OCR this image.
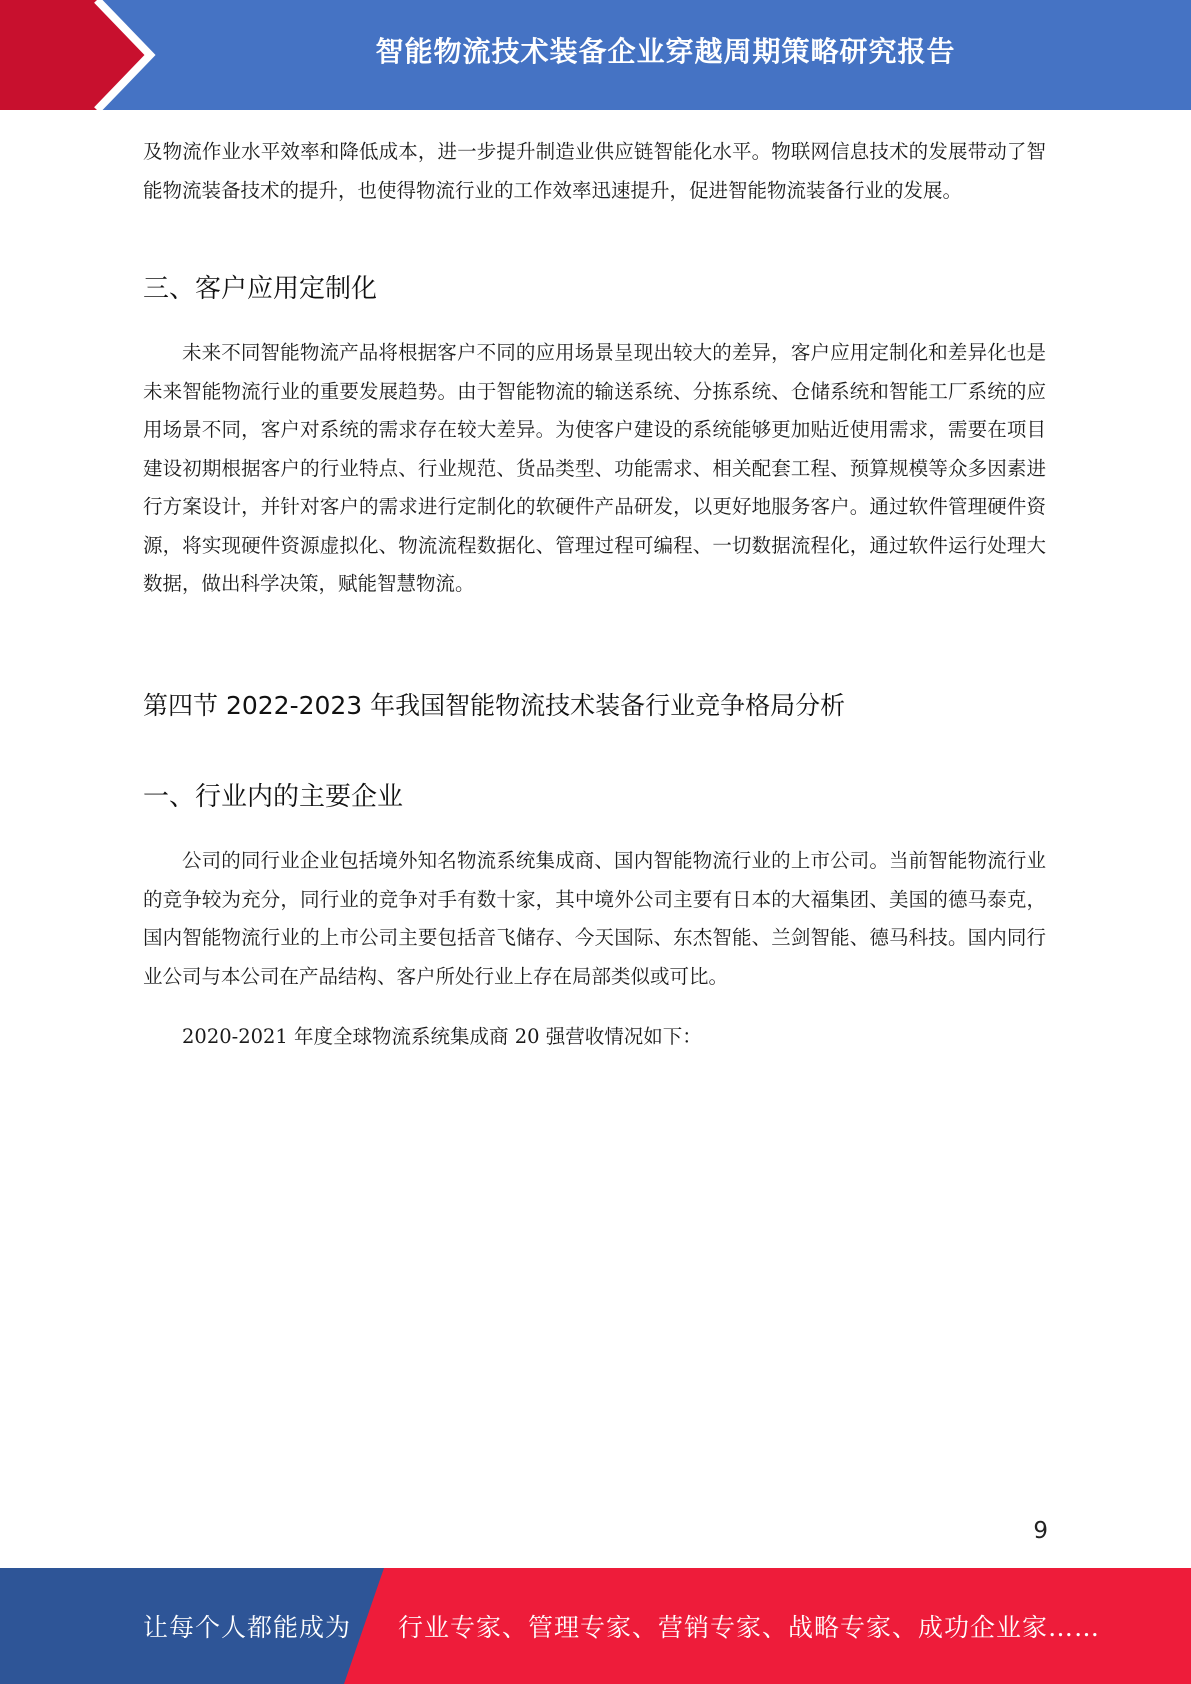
智能物流技术装备企业穿越周期策略研究报告

及物流作业水平效率和降低成本，进一步提升制造业供应链智能化水平。物联网信息技术的发展带动了智能物流装备技术的提升，也使得物流行业的工作效率迅速提升，促进智能物流装备行业的发展。

三、客户应用定制化

未来不同智能物流产品将根据客户不同的应用场景呈现出较大的差异，客户应用定制化和差异化也是未来智能物流行业的重要发展趋势。由于智能物流的输送系统、分拣系统、仓储系统和智能工厂系统的应用场景不同，客户对系统的需求存在较大差异。为使客户建设的系统能够更加贴近使用需求，需要在项目建设初期根据客户的行业特点、行业规范、货品类型、功能需求、相关配套工程、预算规模等众多因素进行方案设计，并针对客户的需求进行定制化的软硬件产品研发，以更好地服务客户。通过软件管理硬件资源，将实现硬件资源虚拟化、物流流程数据化、管理过程可编程、一切数据流程化，通过软件运行处理大数据，做出科学决策，赋能智慧物流。

第四节 2022-2023 年我国智能物流技术装备行业竞争格局分析
一、行业内的主要企业

公司的同行业企业包括境外知名物流系统集成商、国内智能物流行业的上市公司。当前智能物流行业的竞争较为充分，同行业的竞争对手有数十家，其中境外公司主要有日本的大福集团、美国的德马泰克，国内智能物流行业的上市公司主要包括音飞储存、今天国际、东杰智能、兰剑智能、德马科技。国内同行业公司与本公司在产品结构、客户所处行业上存在局部类似或可比。

2020-2021 年度全球物流系统集成商 20 强营收情况如下：

9
让每个人都能成为 行业专家、管理专家、营销专家、战略专家、成功企业家……
